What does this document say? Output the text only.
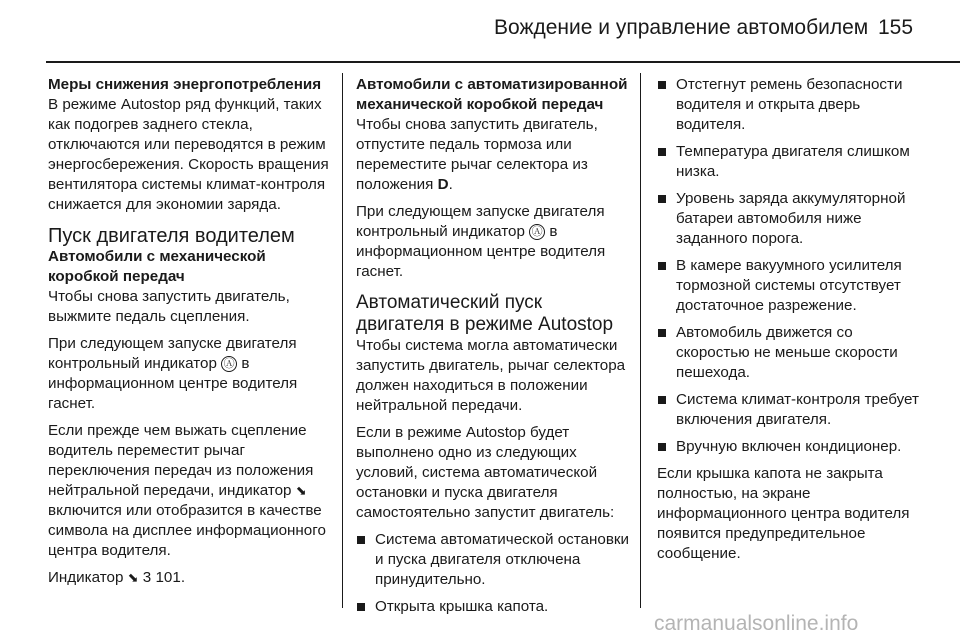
Вождение и управление автомобилем 155

Меры снижения энергопотребления

В режиме Autostop ряд функций, таких как подогрев заднего стекла, отключаются или переводятся в режим энергосбережения. Скорость вращения вентилятора системы климат-контроля снижается для экономии заряда.

Пуск двигателя водителем

Автомобили с механической коробкой передач

Чтобы снова запустить двигатель, выжмите педаль сцепления.

При следующем запуске двигателя контрольный индикатор Ⓐ в информационном центре водителя гаснет.

Если прежде чем выжать сцепление водитель переместит рычаг переключения передач из положения нейтральной передачи, индикатор ⬊ включится или отобразится в качестве символа на дисплее информационного центра водителя.

Индикатор ⬊ 3 101.

Автомобили с автоматизированной механической коробкой передач

Чтобы снова запустить двигатель, отпустите педаль тормоза или переместите рычаг селектора из положения D.

При следующем запуске двигателя контрольный индикатор Ⓐ в информационном центре водителя гаснет.

Автоматический пуск двигателя в режиме Autostop

Чтобы система могла автоматически запустить двигатель, рычаг селектора должен находиться в положении нейтральной передачи.

Если в режиме Autostop будет выполнено одно из следующих условий, система автоматической остановки и пуска двигателя самостоятельно запустит двигатель:

Система автоматической остановки и пуска двигателя отключена принудительно.
Открыта крышка капота.
Отстегнут ремень безопасности водителя и открыта дверь водителя.
Температура двигателя слишком низка.
Уровень заряда аккумуляторной батареи автомобиля ниже заданного порога.
В камере вакуумного усилителя тормозной системы отсутствует достаточное разрежение.
Автомобиль движется со скоростью не меньше скорости пешехода.
Система климат-контроля требует включения двигателя.
Вручную включен кондиционер.

Если крышка капота не закрыта полностью, на экране информационного центра водителя появится предупредительное сообщение.

carmanualsonline.info
